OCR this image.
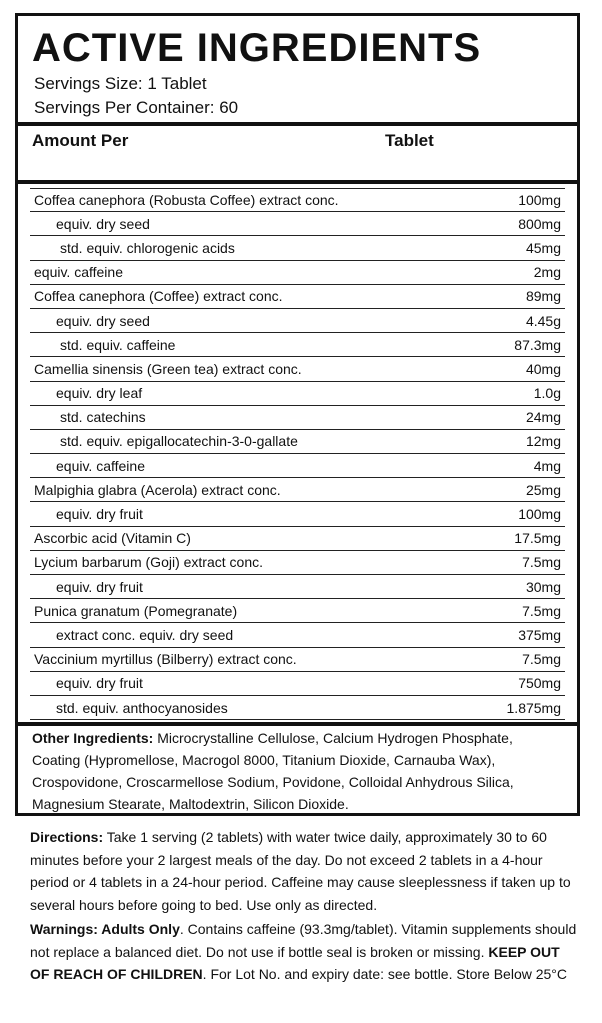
ACTIVE INGREDIENTS
Servings Size: 1 Tablet
Servings Per Container: 60
Amount Per	Tablet
Coffea canephora (Robusta Coffee) extract conc.	100mg
equiv. dry seed	800mg
std. equiv. chlorogenic acids	45mg
equiv. caffeine	2mg
Coffea canephora (Coffee) extract conc.	89mg
equiv. dry seed	4.45g
std. equiv. caffeine	87.3mg
Camellia sinensis (Green tea) extract conc.	40mg
equiv. dry leaf	1.0g
std. catechins	24mg
std. equiv. epigallocatechin-3-0-gallate	12mg
equiv. caffeine	4mg
Malpighia glabra (Acerola) extract conc.	25mg
equiv. dry fruit	100mg
Ascorbic acid (Vitamin C)	17.5mg
Lycium barbarum (Goji) extract conc.	7.5mg
equiv. dry fruit	30mg
Punica granatum (Pomegranate)	7.5mg
extract conc. equiv. dry seed	375mg
Vaccinium myrtillus (Bilberry) extract conc.	7.5mg
equiv. dry fruit	750mg
std. equiv. anthocyanosides	1.875mg
Other Ingredients: Microcrystalline Cellulose, Calcium Hydrogen Phosphate, Coating (Hypromellose, Macrogol 8000, Titanium Dioxide, Carnauba Wax), Crospovidone, Croscarmellose Sodium, Povidone, Colloidal Anhydrous Silica, Magnesium Stearate, Maltodextrin, Silicon Dioxide.
Directions: Take 1 serving (2 tablets) with water twice daily, approximately 30 to 60 minutes before your 2 largest meals of the day. Do not exceed 2 tablets in a 4-hour period or 4 tablets in a 24-hour period. Caffeine may cause sleeplessness if taken up to several hours before going to bed. Use only as directed.
Warnings: Adults Only. Contains caffeine (93.3mg/tablet). Vitamin supplements should not replace a balanced diet. Do not use if bottle seal is broken or missing. KEEP OUT OF REACH OF CHILDREN. For Lot No. and expiry date: see bottle. Store Below 25°C
